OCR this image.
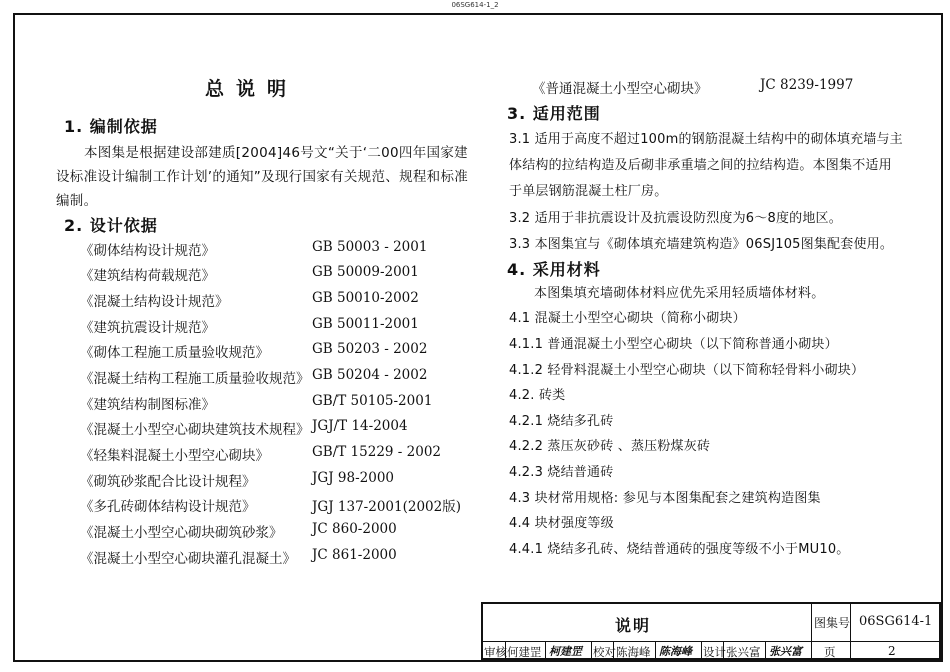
06SG614-1_2
总说明
1. 编制依据
本图集是根据建设部建质[2004]46号文“关于‘二00四年国家建
设标准设计编制工作计划’的通知”及现行国家有关规范、规程和标准
编制。
2. 设计依据
《砌体结构设计规范》	GB 50003 - 2001
《建筑结构荷载规范》	GB 50009-2001
《混凝土结构设计规范》	GB 50010-2002
《建筑抗震设计规范》	GB 50011-2001
《砌体工程施工质量验收规范》	GB 50203 - 2002
《混凝土结构工程施工质量验收规范》 GB 50204 - 2002
《建筑结构制图标准》	GB/T 50105-2001
《混凝土小型空心砌块建筑技术规程》 JGJ/T 14-2004
《轻集料混凝土小型空心砌块》	GB/T 15229 - 2002
《砌筑砂浆配合比设计规程》	JGJ 98-2000
《多孔砖砌体结构设计规范》	JGJ 137-2001(2002版)
《混凝土小型空心砌块砌筑砂浆》 JC 860-2000
《混凝土小型空心砌块灌孔混凝土》 JC 861-2000
《普通混凝土小型空心砌块》	JC 8239-1997
3. 适用范围
3.1 适用于高度不超过100m的钢筋混凝土结构中的砌体填充墙与主
体结构的拉结构造及后砌非承重墙之间的拉结构造。本图集不适用
于单层钢筋混凝土柱厂房。
3.2 适用于非抗震设计及抗震设防烈度为6～8度的地区。
3.3 本图集宜与《砌体填充墙建筑构造》06SJ105图集配套使用。
4. 采用材料
本图集填充墙砌体材料应优先采用轻质墙体材料。
4.1 混凝土小型空心砌块（简称小砌块）
4.1.1 普通混凝土小型空心砌块（以下简称普通小砌块）
4.1.2 轻骨料混凝土小型空心砌块（以下简称轻骨料小砌块）
4.2. 砖类
4.2.1 烧结多孔砖
4.2.2 蒸压灰砂砖 、蒸压粉煤灰砖
4.2.3 烧结普通砖
4.3 块材常用规格: 参见与本图集配套之建筑构造图集
4.4 块材强度等级
4.4.1 烧结多孔砖、烧结普通砖的强度等级不小于MU10。
说明	图集号 06SG614-1
审核 何建罡 柯建罡 校对 陈海峰 陈海峰 设计 张兴富 张兴富 页	2
